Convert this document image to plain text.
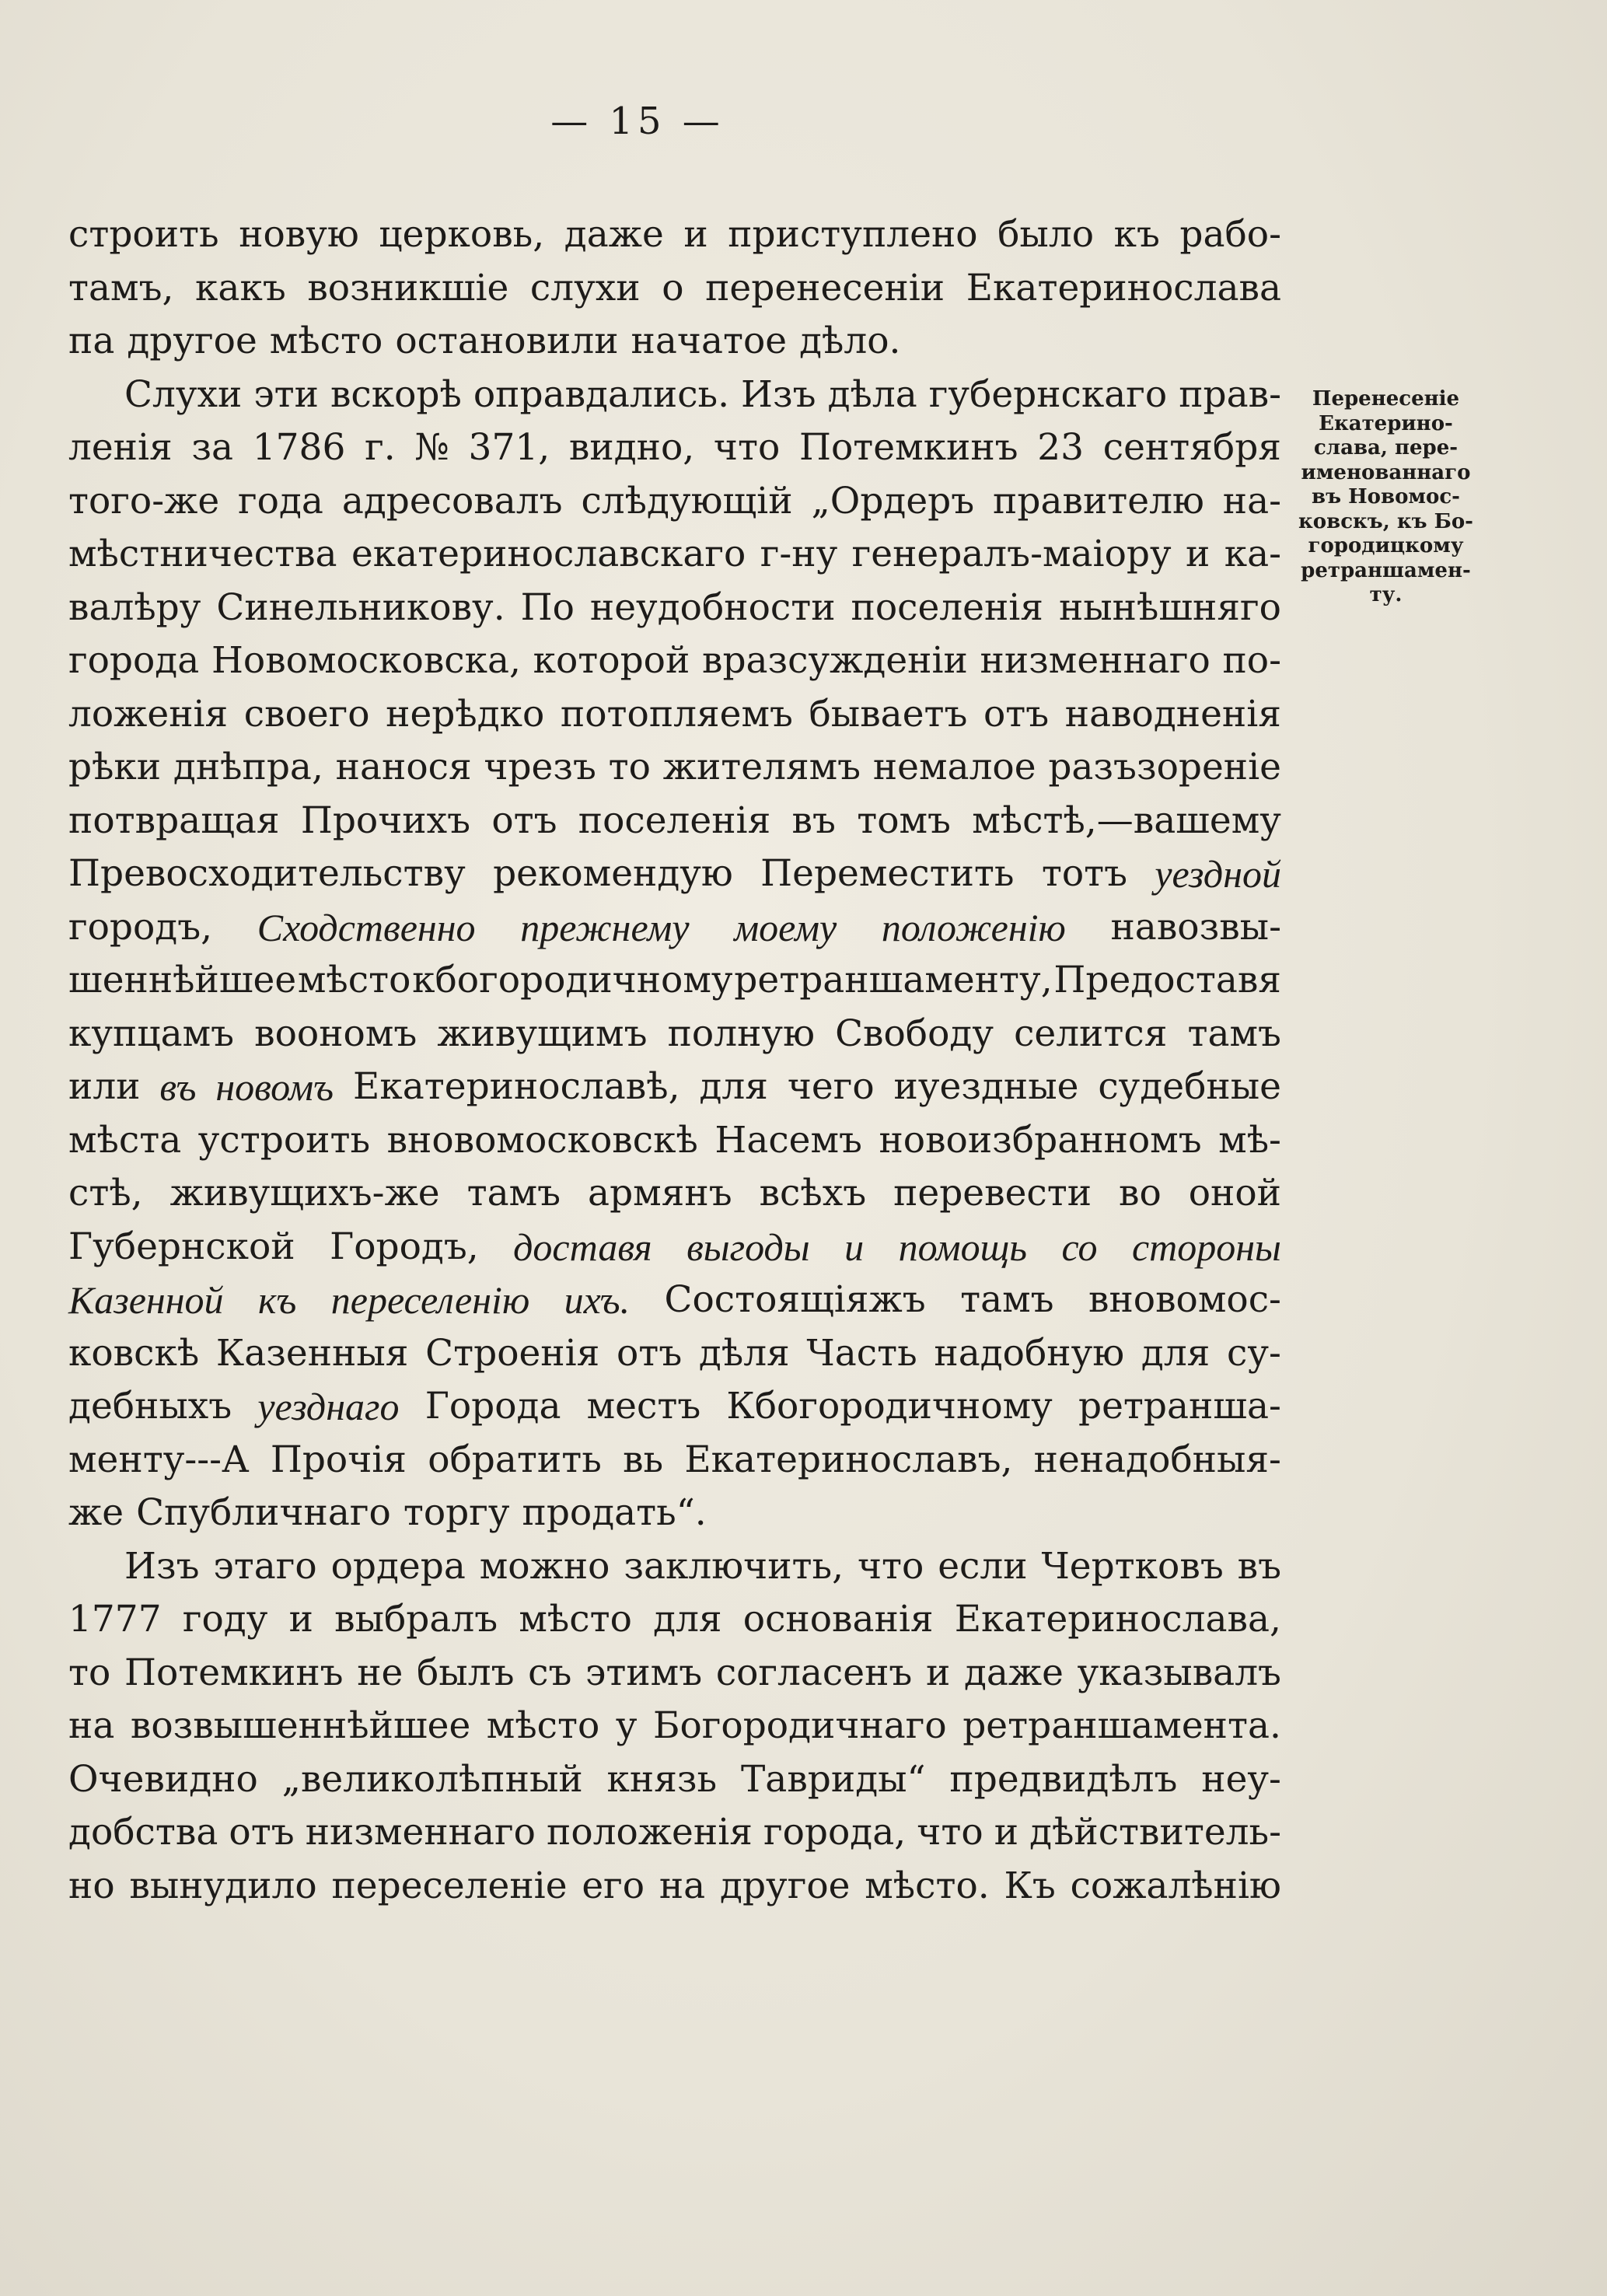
— 15 —
строить новую церковь, даже и приступлено было къ рабо-
тамъ, какъ возникшіе слухи о перенесеніи Екатеринослава
па другое мѣсто остановили начатое дѣло.
Слухи эти вскорѣ оправдались. Изъ дѣла губернскаго прав-
ленія за 1786 г. № 371, видно, что Потемкинъ 23 сентября
того-же года адресовалъ слѣдующій „Ордеръ правителю на-
мѣстничества екатеринославскаго г-ну генералъ-маіору и ка-
валѣру Синельникову. По неудобности поселенія нынѣшняго
города Новомосковска, которой вразсужденіи низменнаго по-
ложенія своего нерѣдко потопляемъ бываетъ отъ наводненія
рѣки днѣпра, нанося чрезъ то жителямъ немалое разъзореніе
потвращая Прочихъ отъ поселенія въ томъ мѣстѣ,—вашему
Превосходительству рекомендую Переместить тотъ уездной
городъ, Сходственно прежнему моему положенію навозвы-
шеннѣйшее мѣсто кбогородичному ретраншаменту, Предоставя
купцамъ воономъ живущимъ полную Свободу селится тамъ
или въ новомъ Екатеринославѣ, для чего иуездные судебные
мѣста устроить вновомосковскѣ Насемъ новоизбранномъ мѣ-
стѣ, живущихъ-же тамъ армянъ всѣхъ перевести во оной
Губернской Городъ, доставя выгоды и помощь со стороны
Казенной къ переселенію ихъ. Состоящіяжъ тамъ вновомос-
ковскѣ Казенныя Строенія отъ дѣля Часть надобную для су-
дебныхъ уезднаго Города местъ Кбогородичному ретранша-
менту---А Прочія обратить вь Екатеринославъ, ненадобныя-
же Спубличнаго торгу продать“.
Изъ этаго ордера можно заключить, что если Чертковъ въ
1777 году и выбралъ мѣсто для основанія Екатеринослава,
то Потемкинъ не былъ съ этимъ согласенъ и даже указывалъ
на возвышеннѣйшее мѣсто у Богородичнаго ретраншамента.
Очевидно „великолѣпный князь Тавриды“ предвидѣлъ неу-
добства отъ низменнаго положенія города, что и дѣйствитель-
но вынудило переселеніе его на другое мѣсто. Къ сожалѣнію
Перенесеніе
Екатерино-
слава, пере-
именованнаго
въ Новомос-
ковскъ, къ Бо-
городицкому
ретраншамен-
ту.
